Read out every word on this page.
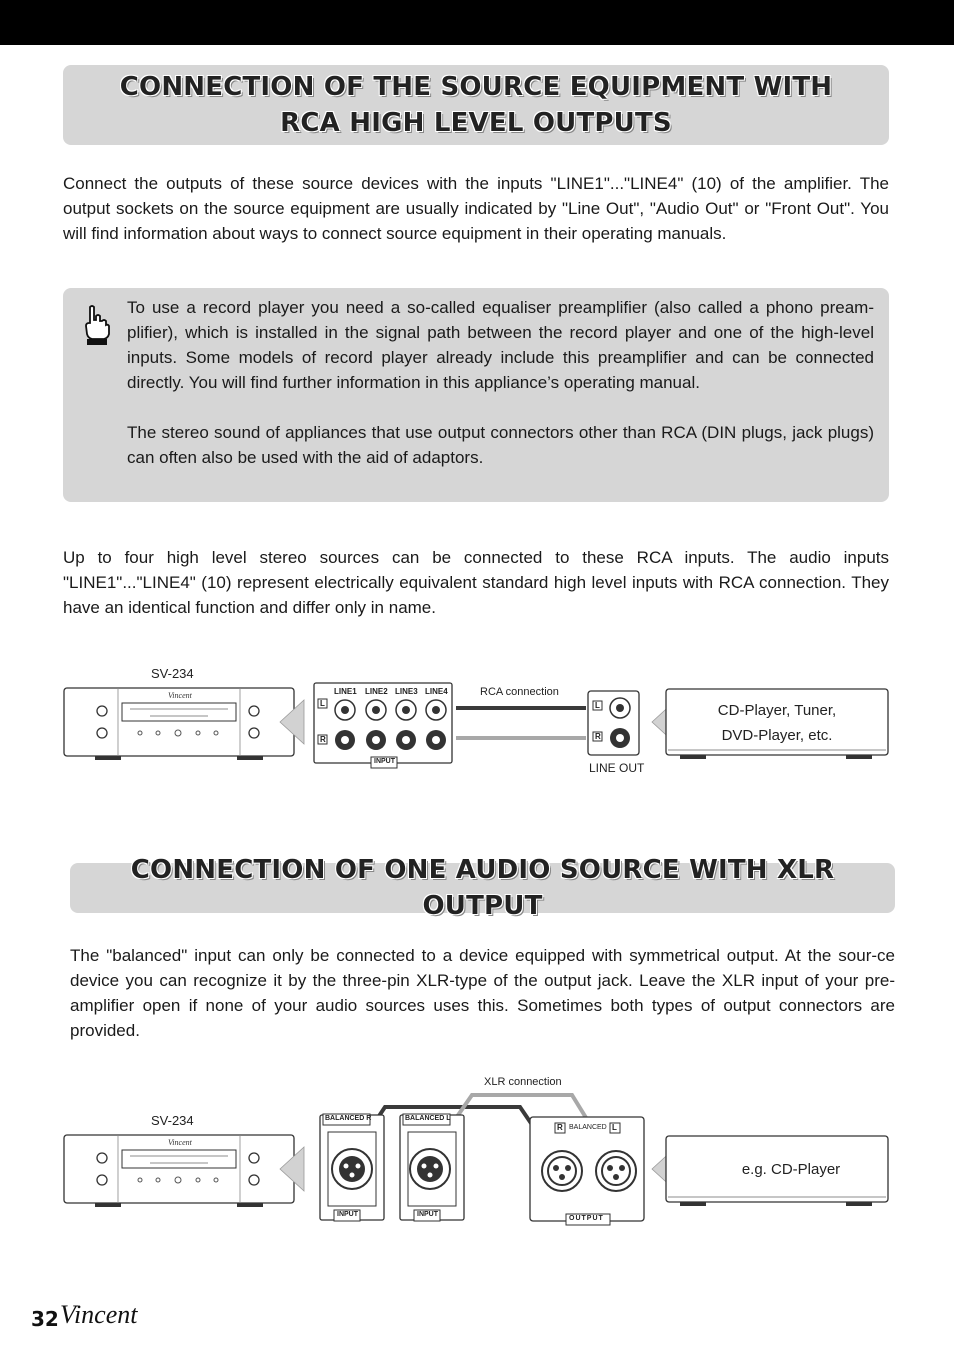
CONNECTION OF THE SOURCE EQUIPMENT WITH
RCA HIGH LEVEL OUTPUTS

Connect the outputs of these source devices with the inputs "LINE1"..."LINE4" (10) of the amplifier. The output sockets on the source equipment are usually indicated by "Line Out", "Audio Out" or "Front Out". You will find information about ways to connect source equipment in their operating manuals.

To use a record player you need a so-called equaliser preamplifier (also called a phono pream-plifier), which is installed in the signal path between the record player and one of the high-level inputs. Some models of record player already include this preamplifier and can be connected directly. You will find further information in this appliance’s operating manual.

The stereo sound of appliances that use output connectors other than RCA (DIN plugs, jack plugs) can often also be used with the aid of adaptors.

Up to four high level stereo sources can be connected to these RCA inputs. The audio inputs "LINE1"..."LINE4" (10) represent electrically equivalent standard high level inputs with RCA connection. They have an identical function and differ only in name.

Vincent
SV-234
LINE1 LINE2 LINE3 LINE4
L
R
INPUT
RCA connection
L
R
LINE OUT
CD-Player, Tuner,
DVD-Player, etc.
CONNECTION OF ONE AUDIO SOURCE WITH XLR OUTPUT

The "balanced" input can only be connected to a device equipped with symmetrical output. At the sour-ce device you can recognize it by the three-pin XLR-type of the output jack. Leave the XLR input of your pre-amplifier open if none of your audio sources uses this. Sometimes both types of output connectors are provided.

Vincent
SV-234
XLR connection
BALANCED R	BALANCED L
INPUT	INPUT
R BALANCED L
OUTPUT
e.g. CD-Player
32 Vincent
